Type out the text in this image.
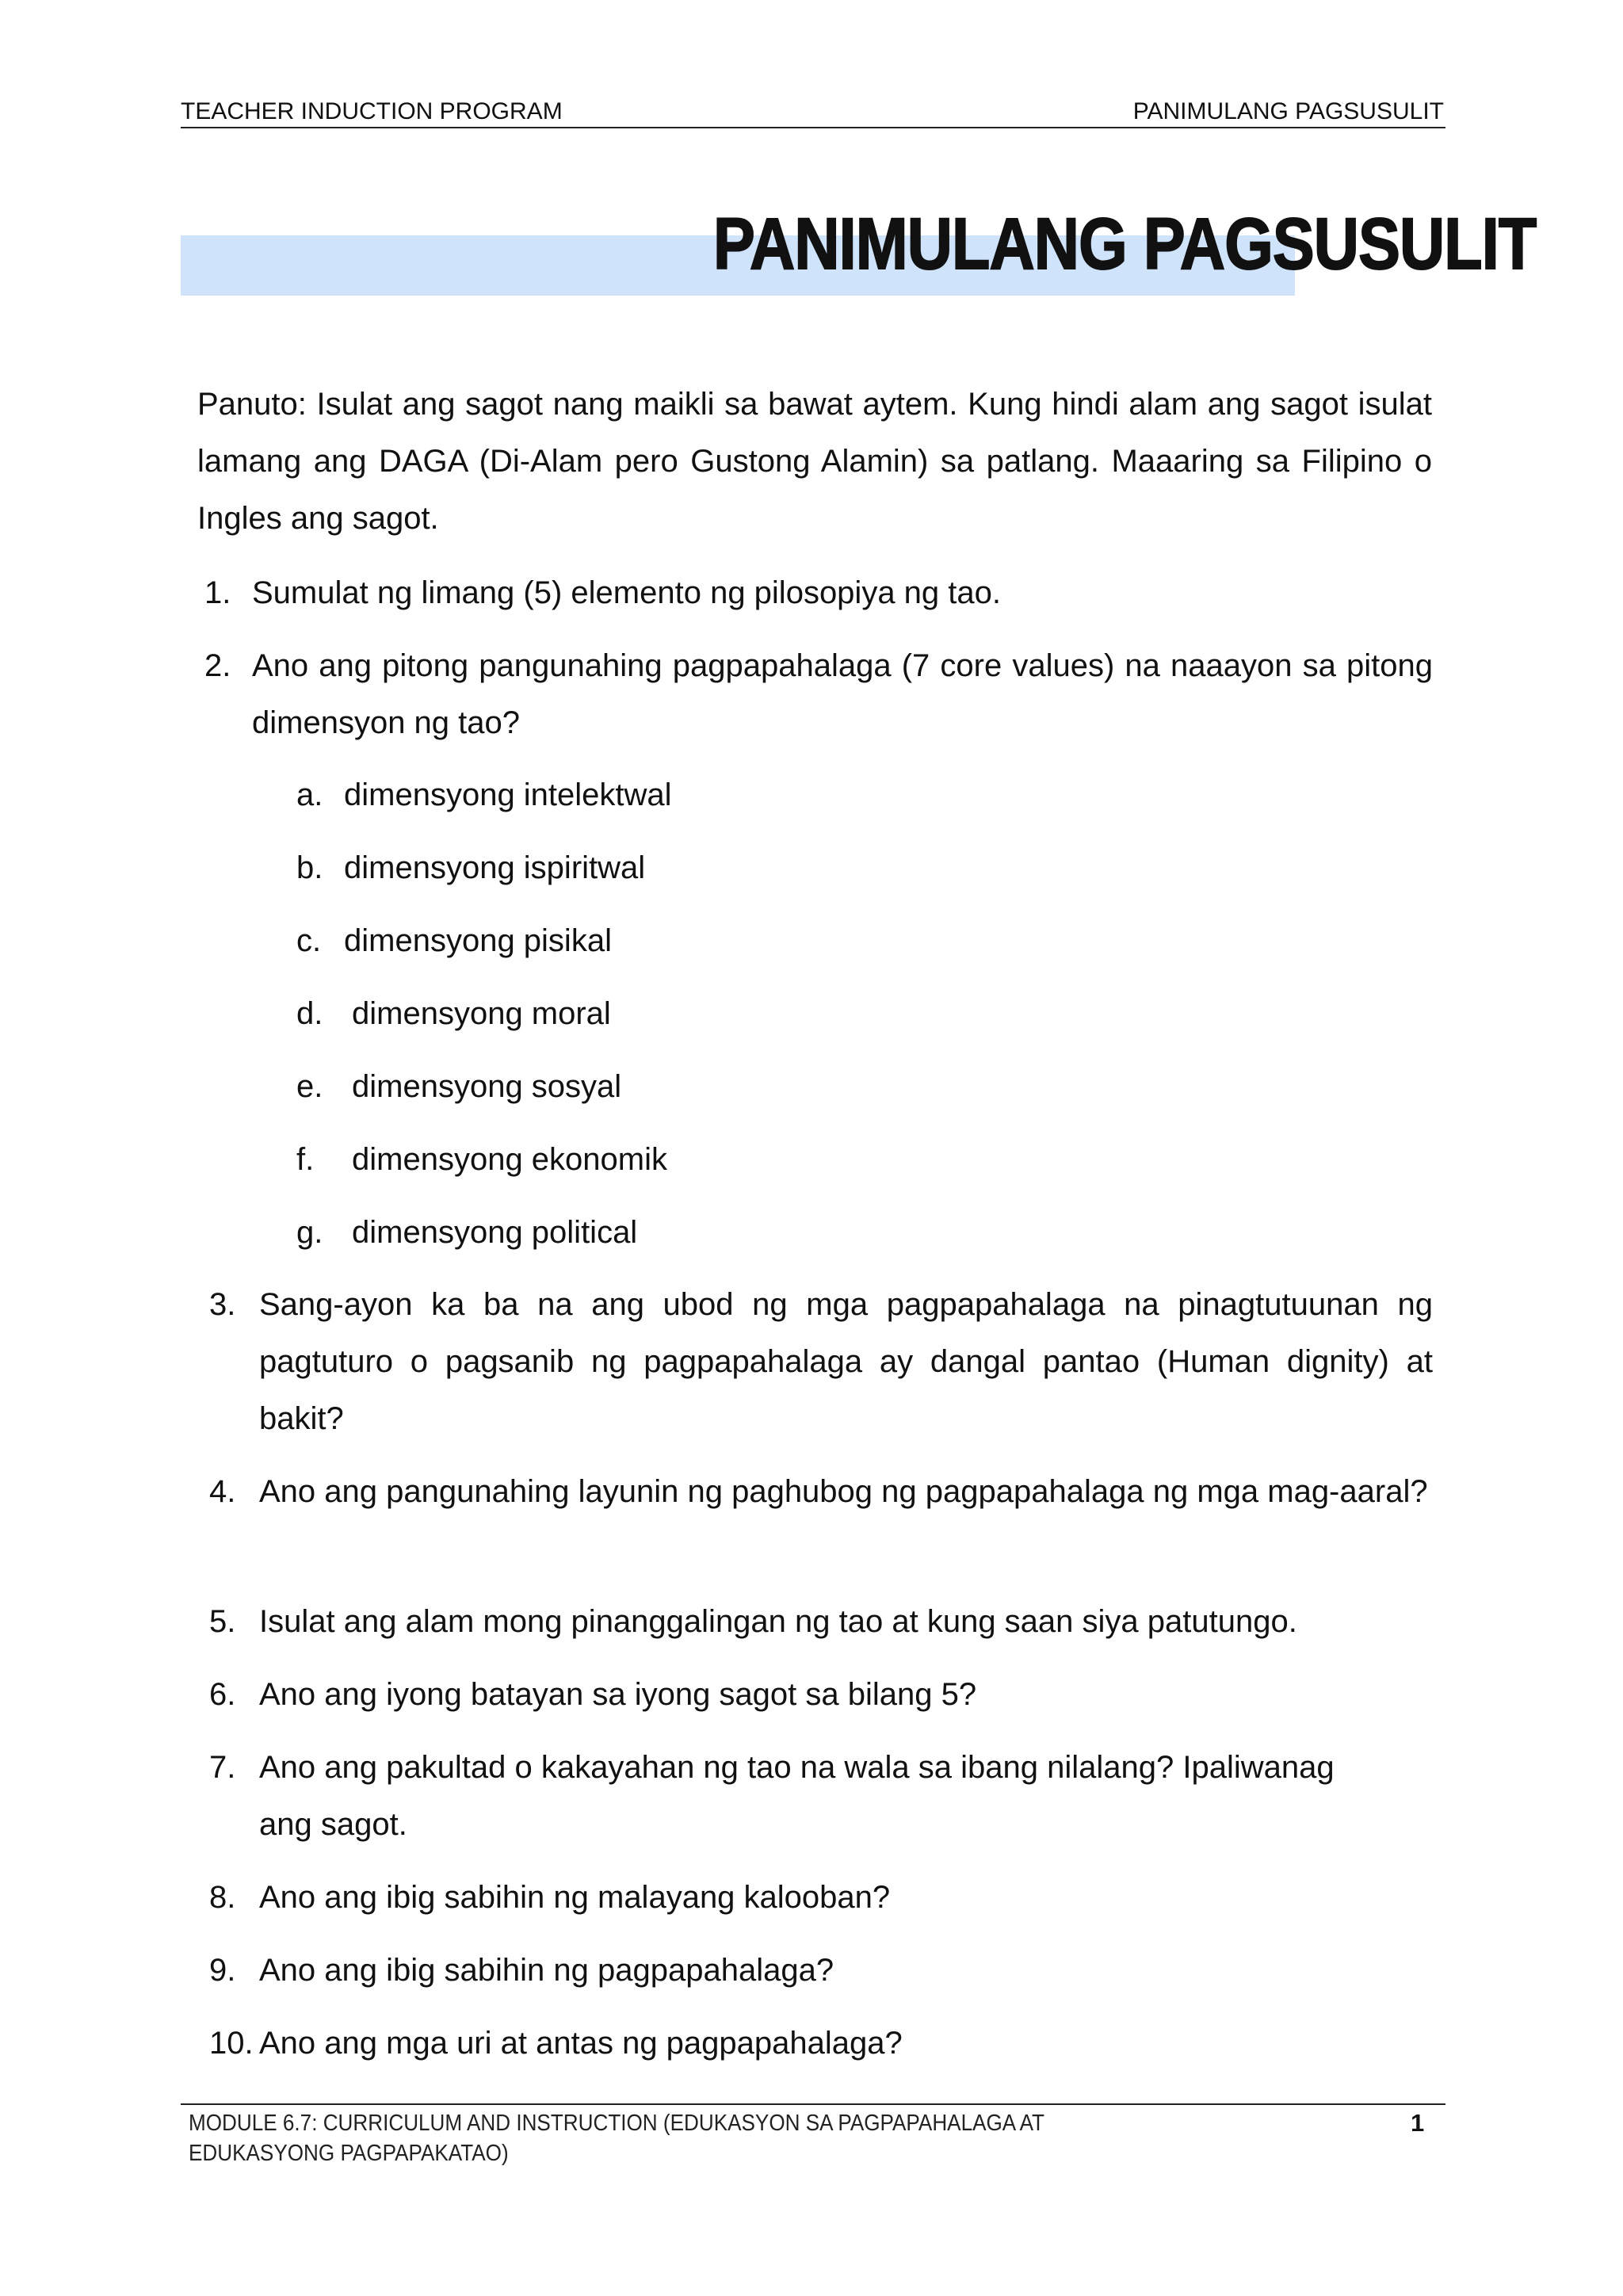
TEACHER INDUCTION PROGRAM	PANIMULANG PAGSUSULIT
PANIMULANG PAGSUSULIT
Panuto: Isulat ang sagot nang maikli sa bawat aytem. Kung hindi alam ang sagot isulat lamang ang DAGA (Di-Alam pero Gustong Alamin) sa patlang. Maaaring sa Filipino o Ingles ang sagot.
1. Sumulat ng limang (5) elemento ng pilosopiya ng tao.
2. Ano ang pitong pangunahing pagpapahalaga (7 core values) na naaayon sa pitong dimensyon ng tao?
a. dimensyong intelektwal
b. dimensyong ispiritwal
c. dimensyong pisikal
d. dimensyong moral
e. dimensyong sosyal
f. dimensyong ekonomik
g. dimensyong political
3. Sang-ayon ka ba na ang ubod ng mga pagpapahalaga na pinagtutuunan ng pagtuturo o pagsanib ng pagpapahalaga ay dangal pantao (Human dignity) at bakit?
4. Ano ang pangunahing layunin ng paghubog ng pagpapahalaga ng mga mag-aaral?
5. Isulat ang alam mong pinanggalingan ng tao at kung saan siya patutungo.
6. Ano ang iyong batayan sa iyong sagot sa bilang 5?
7. Ano ang pakultad o kakayahan ng tao na wala sa ibang nilalang? Ipaliwanag ang sagot.
8. Ano ang ibig sabihin ng malayang kalooban?
9. Ano ang ibig sabihin ng pagpapahalaga?
10. Ano ang mga uri at antas ng pagpapahalaga?
MODULE 6.7: CURRICULUM AND INSTRUCTION (EDUKASYON SA PAGPAPAHALAGA AT EDUKASYONG PAGPAPAKATAO)
1
